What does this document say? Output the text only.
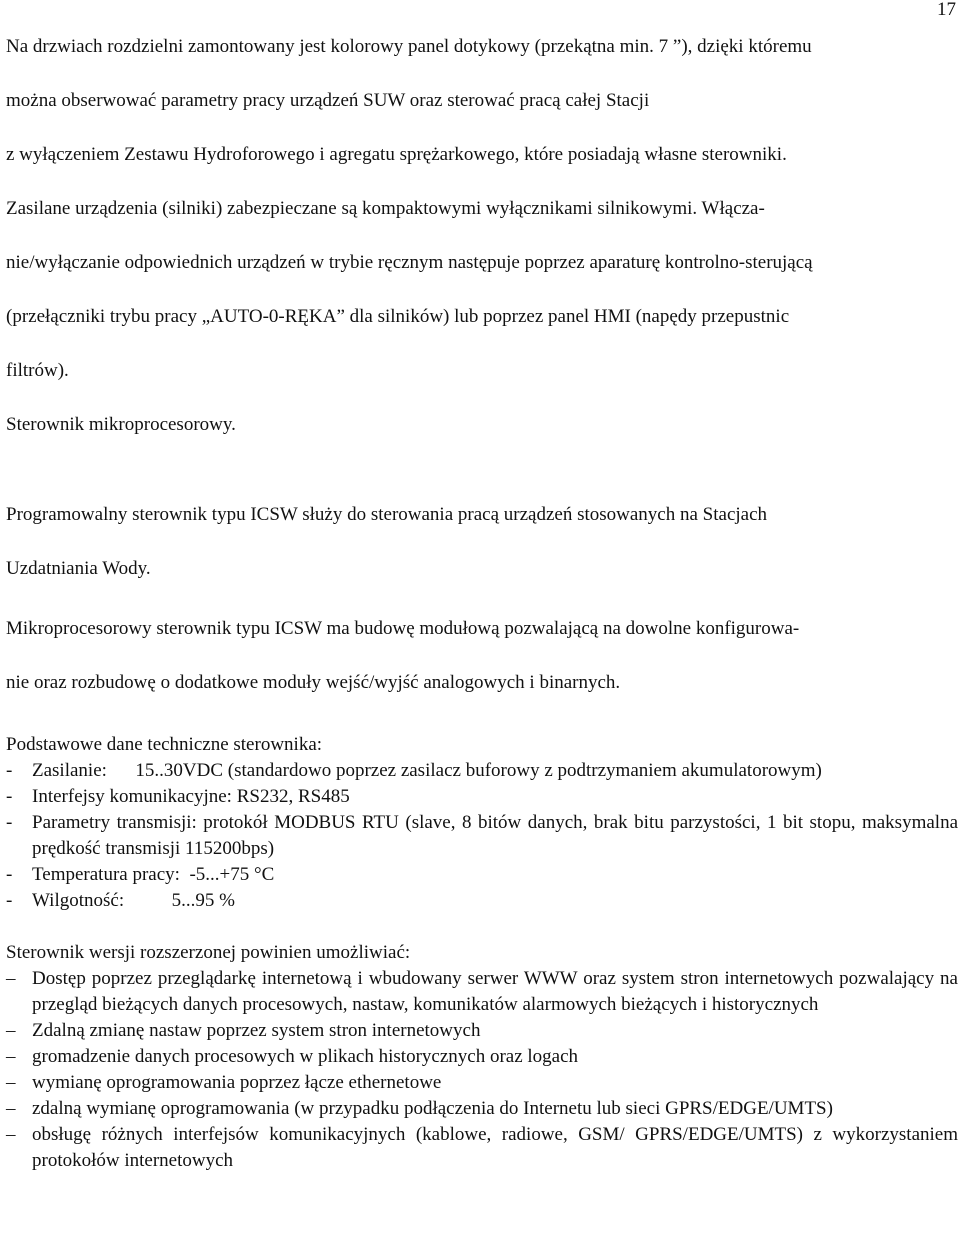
17

Na drzwiach rozdzielni zamontowany jest kolorowy panel dotykowy (przekątna min. 7 ”), dzięki któremu
można obserwować parametry pracy urządzeń SUW oraz sterować pracą całej Stacji
z wyłączeniem Zestawu Hydroforowego i agregatu sprężarkowego, które posiadają własne sterowniki.

Zasilane urządzenia (silniki) zabezpieczane są kompaktowymi wyłącznikami silnikowymi. Włącza-
nie/wyłączanie odpowiednich urządzeń w trybie ręcznym następuje poprzez aparaturę kontrolno-sterującą
(przełączniki trybu pracy „AUTO-0-RĘKA” dla silników) lub poprzez panel HMI (napędy przepustnic
filtrów).

Sterownik mikroprocesorowy.

Programowalny sterownik typu ICSW służy do sterowania pracą urządzeń stosowanych na Stacjach
Uzdatniania Wody.

Mikroprocesorowy sterownik typu ICSW ma budowę modułową pozwalającą na dowolne konfigurowa-
nie oraz rozbudowę o dodatkowe moduły wejść/wyjść analogowych i binarnych.

Podstawowe dane techniczne sterownika:

- Zasilanie:      15..30VDC (standardowo poprzez zasilacz buforowy z podtrzymaniem akumulatorowym)
- Interfejsy komunikacyjne: RS232, RS485
- Parametry transmisji: protokół MODBUS RTU (slave, 8 bitów danych, brak bitu parzystości, 1 bit stopu, maksymalna prędkość transmisji 115200bps)
- Temperatura pracy:  -5...+75 °C
- Wilgotność:          5...95 %

Sterownik wersji rozszerzonej powinien umożliwiać:

– Dostęp poprzez przeglądarkę internetową i wbudowany serwer WWW oraz system stron internetowych pozwalający na przegląd bieżących danych procesowych, nastaw, komunikatów alarmowych bieżących i historycznych
– Zdalną zmianę nastaw poprzez system stron internetowych
– gromadzenie danych procesowych w plikach historycznych oraz logach
– wymianę oprogramowania poprzez łącze ethernetowe
– zdalną wymianę oprogramowania (w przypadku podłączenia do Internetu lub sieci GPRS/EDGE/UMTS)
– obsługę różnych interfejsów komunikacyjnych (kablowe, radiowe, GSM/ GPRS/EDGE/UMTS) z wykorzystaniem protokołów internetowych
